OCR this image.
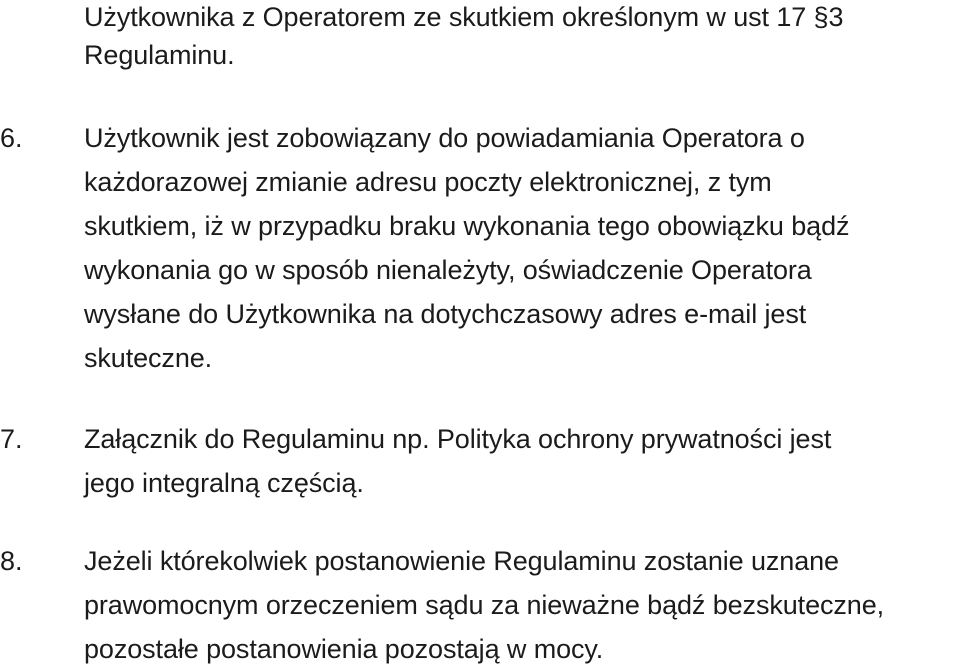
Użytkownika z Operatorem ze skutkiem określonym w ust 17 §3
Regulaminu.
6. Użytkownik jest zobowiązany do powiadamiania Operatora o
każdorazowej zmianie adresu poczty elektronicznej, z tym
skutkiem, iż w przypadku braku wykonania tego obowiązku bądź
wykonania go w sposób nienależyty, oświadczenie Operatora
wysłane do Użytkownika na dotychczasowy adres e-mail jest
skuteczne.
7. Załącznik do Regulaminu np. Polityka ochrony prywatności jest
jego integralną częścią.
8. Jeżeli którekolwiek postanowienie Regulaminu zostanie uznane
prawomocnym orzeczeniem sądu za nieważne bądź bezskuteczne,
pozostałe postanowienia pozostają w mocy.
